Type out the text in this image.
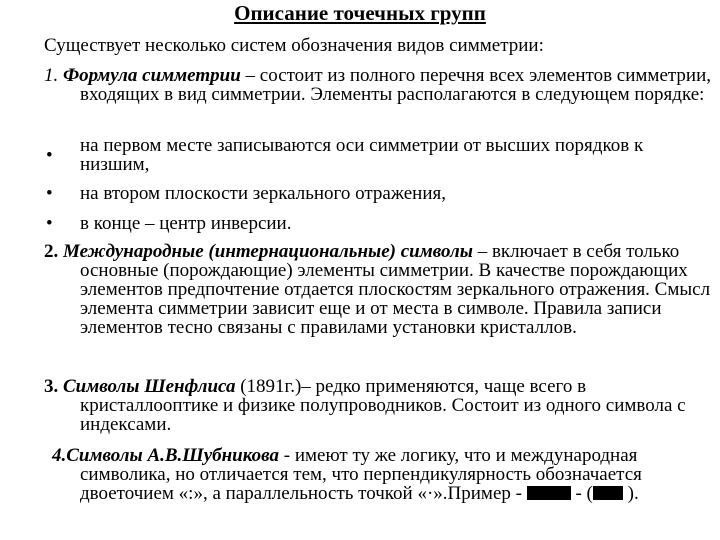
Описание точечных групп

Существует несколько систем обозначения видов симметрии:

1. Формула симметрии – состоит из полного перечня всех элементов симметрии, входящих в вид симметрии. Элементы располагаются в следующем порядке:

• на первом месте записываются оси симметрии от высших порядков к низшим,
• на втором плоскости зеркального отражения,
• в конце – центр инверсии.

2. Международные (интернациональные) символы – включает в себя только основные (порождающие) элементы симметрии. В качестве порождающих элементов предпочтение отдается плоскостям зеркального отражения. Смысл элемента симметрии зависит еще и от места в символе. Правила записи элементов тесно связаны с правилами установки кристаллов.

3. Символы Шенфлиса (1891г.)– редко применяются, чаще всего в кристаллооптике и физике полупроводников. Состоит из одного символа с индексами.

4.Символы А.В.Шубникова - имеют ту же логику, что и международная символика, но отличается тем, что перпендикулярность обозначается двоеточием «:», а параллельность точкой «·».Пример -  - ( ).
